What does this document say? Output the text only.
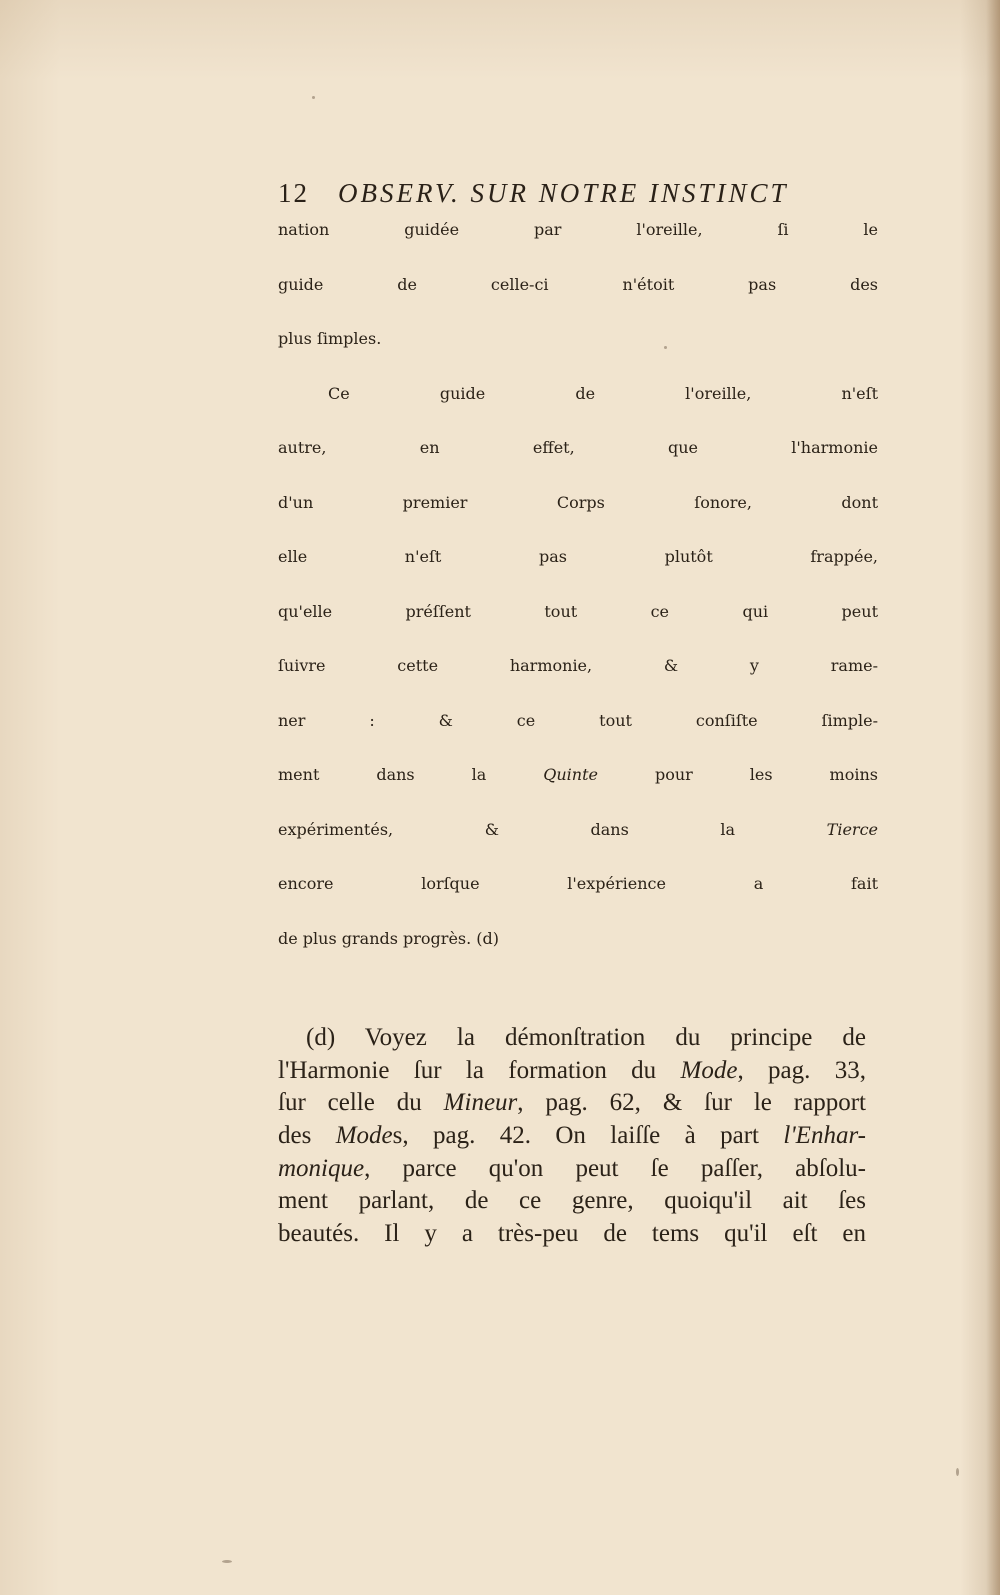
12	OBSERV. SUR NOTRE INSTINCT
nation guidée par l'oreille, ſi le
guide de celle-ci n'étoit pas des
plus ſimples.
Ce guide de l'oreille, n'eſt
autre, en effet, que l'harmonie
d'un premier Corps ſonore, dont
elle n'eſt pas plutôt frappée,
qu'elle préſſent tout ce qui peut
ſuivre cette harmonie, & y rame-
ner : & ce tout conſiſte ſimple-
ment dans la Quinte pour les moins
expérimentés, & dans la Tierce
encore lorſque l'expérience a fait
de plus grands progrès. (d)
(d) Voyez la démonſtration du principe de
l'Harmonie ſur la formation du Mode, pag. 33,
ſur celle du Mineur, pag. 62, & ſur le rapport
des Modes, pag. 42. On laiſſe à part l'Enhar-
monique, parce qu'on peut ſe paſſer, abſolu-
ment parlant, de ce genre, quoiqu'il ait ſes
beautés. Il y a très-peu de tems qu'il eſt en
